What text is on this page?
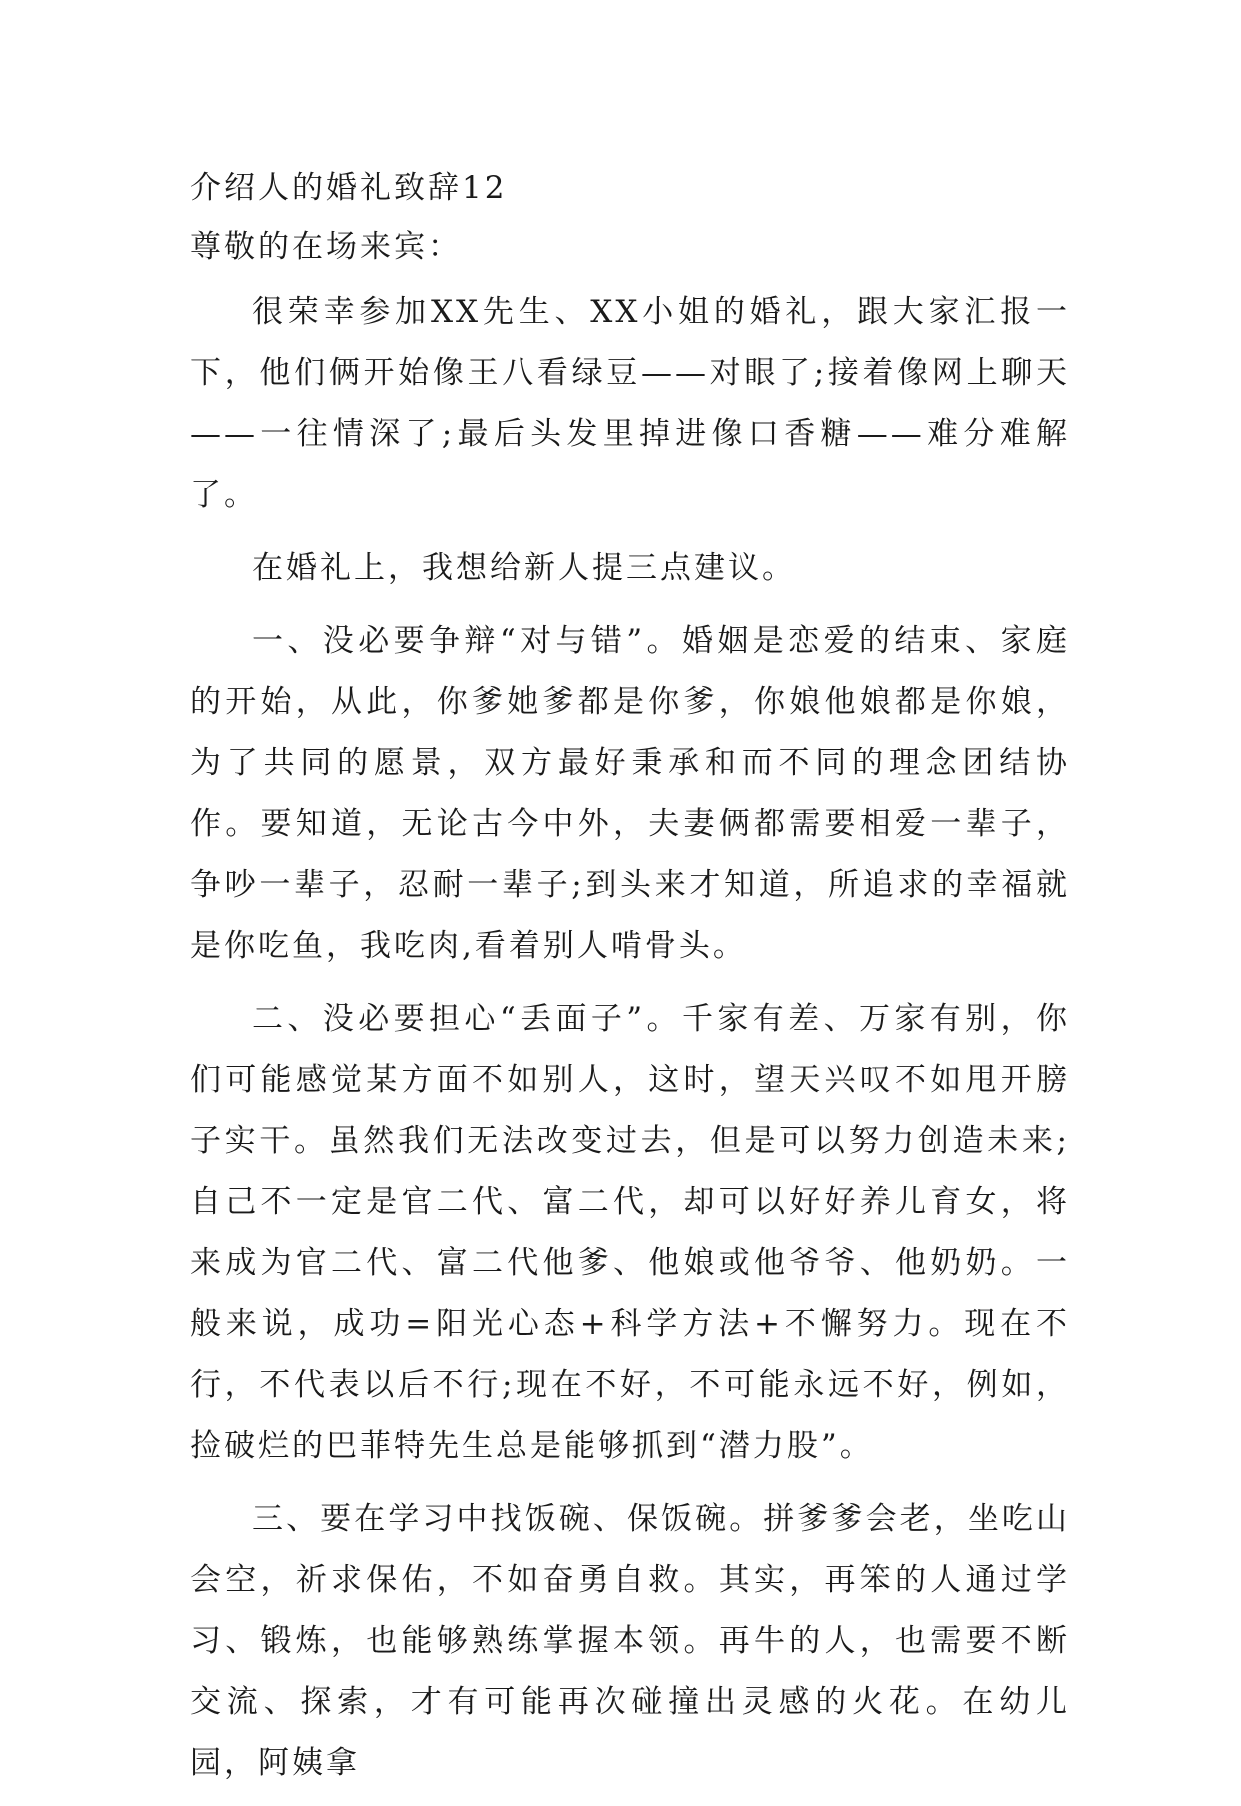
介绍人的婚礼致辞12
尊敬的在场来宾：

很荣幸参加XX先生、XX小姐的婚礼，跟大家汇报一下，他们俩开始像王八看绿豆——对眼了;接着像网上聊天——一往情深了;最后头发里掉进像口香糖——难分难解了。

在婚礼上，我想给新人提三点建议。

一、没必要争辩“对与错”。婚姻是恋爱的结束、家庭的开始，从此，你爹她爹都是你爹，你娘他娘都是你娘，为了共同的愿景，双方最好秉承和而不同的理念团结协作。要知道，无论古今中外，夫妻俩都需要相爱一辈子，争吵一辈子，忍耐一辈子;到头来才知道，所追求的幸福就是你吃鱼，我吃肉,看着别人啃骨头。

二、没必要担心“丢面子”。千家有差、万家有别，你们可能感觉某方面不如别人，这时，望天兴叹不如甩开膀子实干。虽然我们无法改变过去，但是可以努力创造未来;自己不一定是官二代、富二代，却可以好好养儿育女，将来成为官二代、富二代他爹、他娘或他爷爷、他奶奶。一般来说，成功=阳光心态+科学方法+不懈努力。现在不行，不代表以后不行;现在不好，不可能永远不好，例如，捡破烂的巴菲特先生总是能够抓到“潜力股”。

三、要在学习中找饭碗、保饭碗。拼爹爹会老，坐吃山会空，祈求保佑，不如奋勇自救。其实，再笨的人通过学习、锻炼，也能够熟练掌握本领。再牛的人，也需要不断交流、探索，才有可能再次碰撞出灵感的火花。在幼儿园，阿姨拿
